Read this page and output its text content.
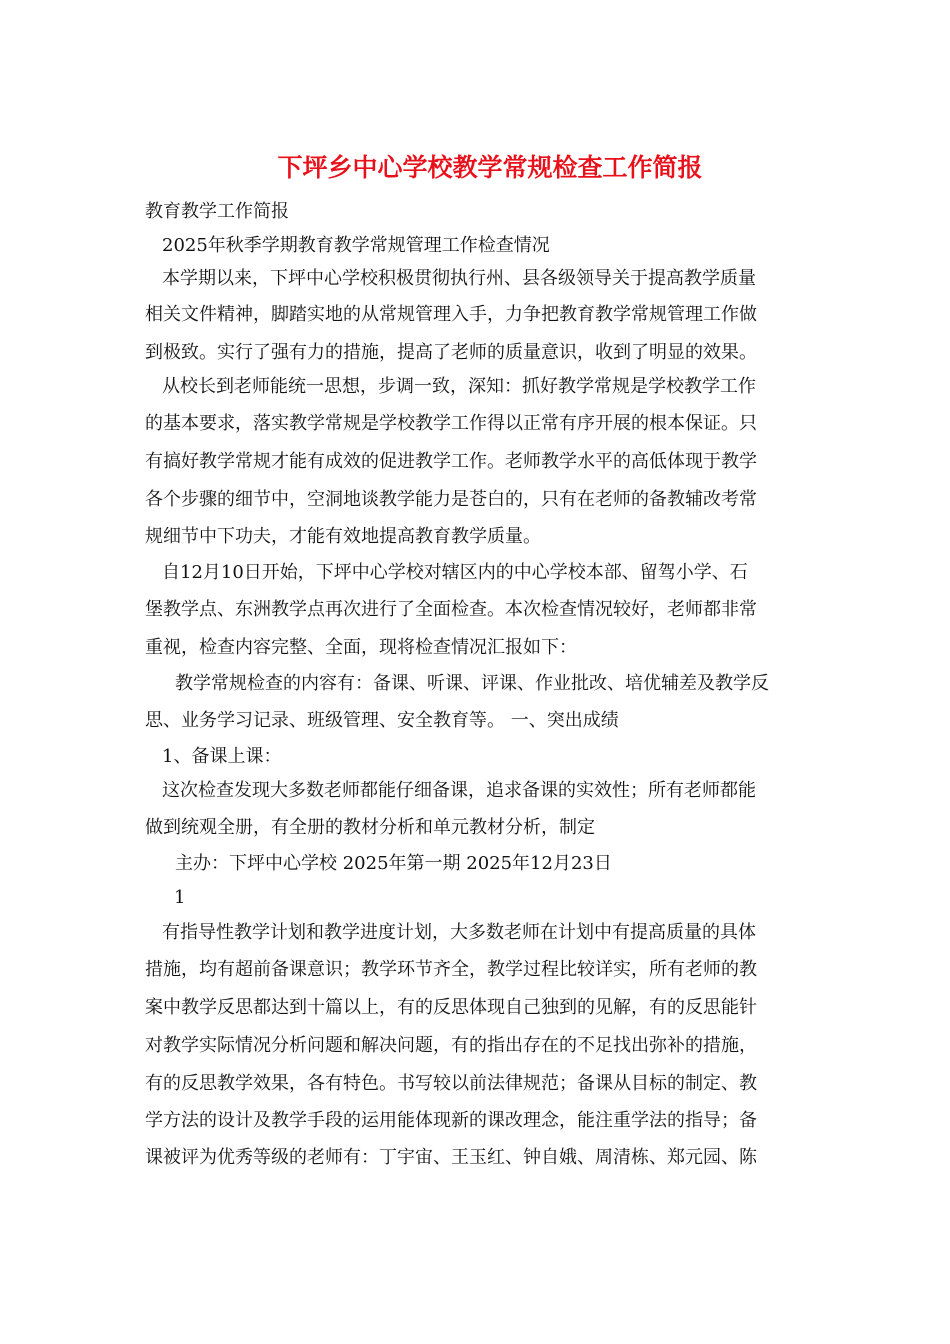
下坪乡中心学校教学常规检查工作简报
教育教学工作简报
2025年秋季学期教育教学常规管理工作检查情况
本学期以来，下坪中心学校积极贯彻执行州、县各级领导关于提高教学质量
相关文件精神，脚踏实地的从常规管理入手，力争把教育教学常规管理工作做
到极致。实行了强有力的措施，提高了老师的质量意识，收到了明显的效果。
从校长到老师能统一思想，步调一致，深知：抓好教学常规是学校教学工作
的基本要求，落实教学常规是学校教学工作得以正常有序开展的根本保证。只
有搞好教学常规才能有成效的促进教学工作。老师教学水平的高低体现于教学
各个步骤的细节中，空洞地谈教学能力是苍白的，只有在老师的备教辅改考常
规细节中下功夫，才能有效地提高教育教学质量。
自12月10日开始，下坪中心学校对辖区内的中心学校本部、留驾小学、石
堡教学点、东洲教学点再次进行了全面检查。本次检查情况较好，老师都非常
重视，检查内容完整、全面，现将检查情况汇报如下：
教学常规检查的内容有：备课、听课、评课、作业批改、培优辅差及教学反
思、业务学习记录、班级管理、安全教育等。 一、突出成绩
1、备课上课：
这次检查发现大多数老师都能仔细备课，追求备课的实效性；所有老师都能
做到统观全册，有全册的教材分析和单元教材分析，制定
主办：下坪中心学校 2025年第一期 2025年12月23日
1
有指导性教学计划和教学进度计划，大多数老师在计划中有提高质量的具体
措施，均有超前备课意识；教学环节齐全，教学过程比较详实，所有老师的教
案中教学反思都达到十篇以上，有的反思体现自己独到的见解，有的反思能针
对教学实际情况分析问题和解决问题，有的指出存在的不足找出弥补的措施，
有的反思教学效果，各有特色。书写较以前法律规范；备课从目标的制定、教
学方法的设计及教学手段的运用能体现新的课改理念，能注重学法的指导；备
课被评为优秀等级的老师有：丁宇宙、王玉红、钟自娥、周清栋、郑元园、陈
